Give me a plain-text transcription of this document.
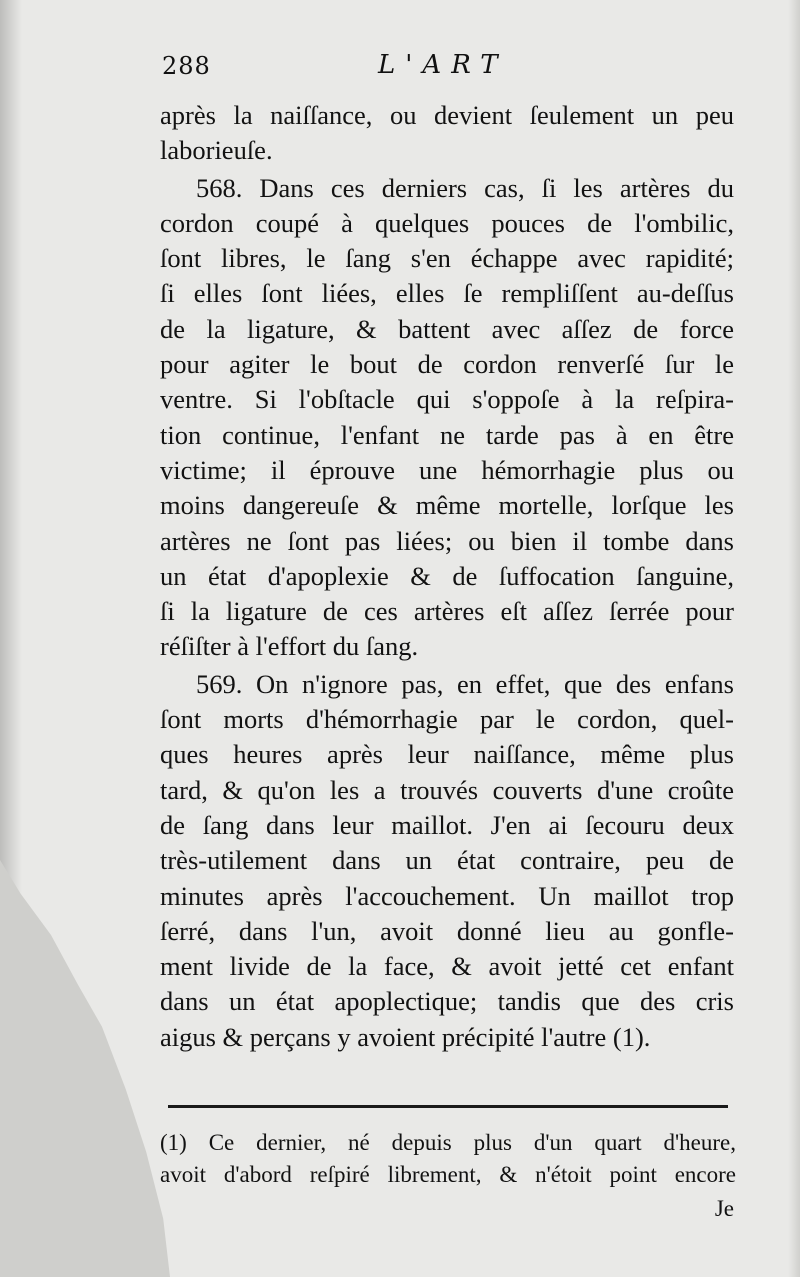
288	L'ART
après la naiſſance, ou devient ſeulement un peu
laborieuſe.
568. Dans ces derniers cas, ſi les artères du
cordon coupé à quelques pouces de l'ombilic,
ſont libres, le ſang s'en échappe avec rapidité;
ſi elles ſont liées, elles ſe rempliſſent au-deſſus
de la ligature, & battent avec aſſez de force
pour agiter le bout de cordon renverſé ſur le
ventre. Si l'obſtacle qui s'oppoſe à la reſpira-
tion continue, l'enfant ne tarde pas à en être
victime; il éprouve une hémorrhagie plus ou
moins dangereuſe & même mortelle, lorſque les
artères ne ſont pas liées; ou bien il tombe dans
un état d'apoplexie & de ſuffocation ſanguine,
ſi la ligature de ces artères eſt aſſez ſerrée pour
réſiſter à l'effort du ſang.
569. On n'ignore pas, en effet, que des enfans
ſont morts d'hémorrhagie par le cordon, quel-
ques heures après leur naiſſance, même plus
tard, & qu'on les a trouvés couverts d'une croûte
de ſang dans leur maillot. J'en ai ſecouru deux
très-utilement dans un état contraire, peu de
minutes après l'accouchement. Un maillot trop
ſerré, dans l'un, avoit donné lieu au gonfle-
ment livide de la face, & avoit jetté cet enfant
dans un état apoplectique; tandis que des cris
aigus & perçans y avoient précipité l'autre (1).
(1) Ce dernier, né depuis plus d'un quart d'heure,
avoit d'abord reſpiré librement, & n'étoit point encore
Je
